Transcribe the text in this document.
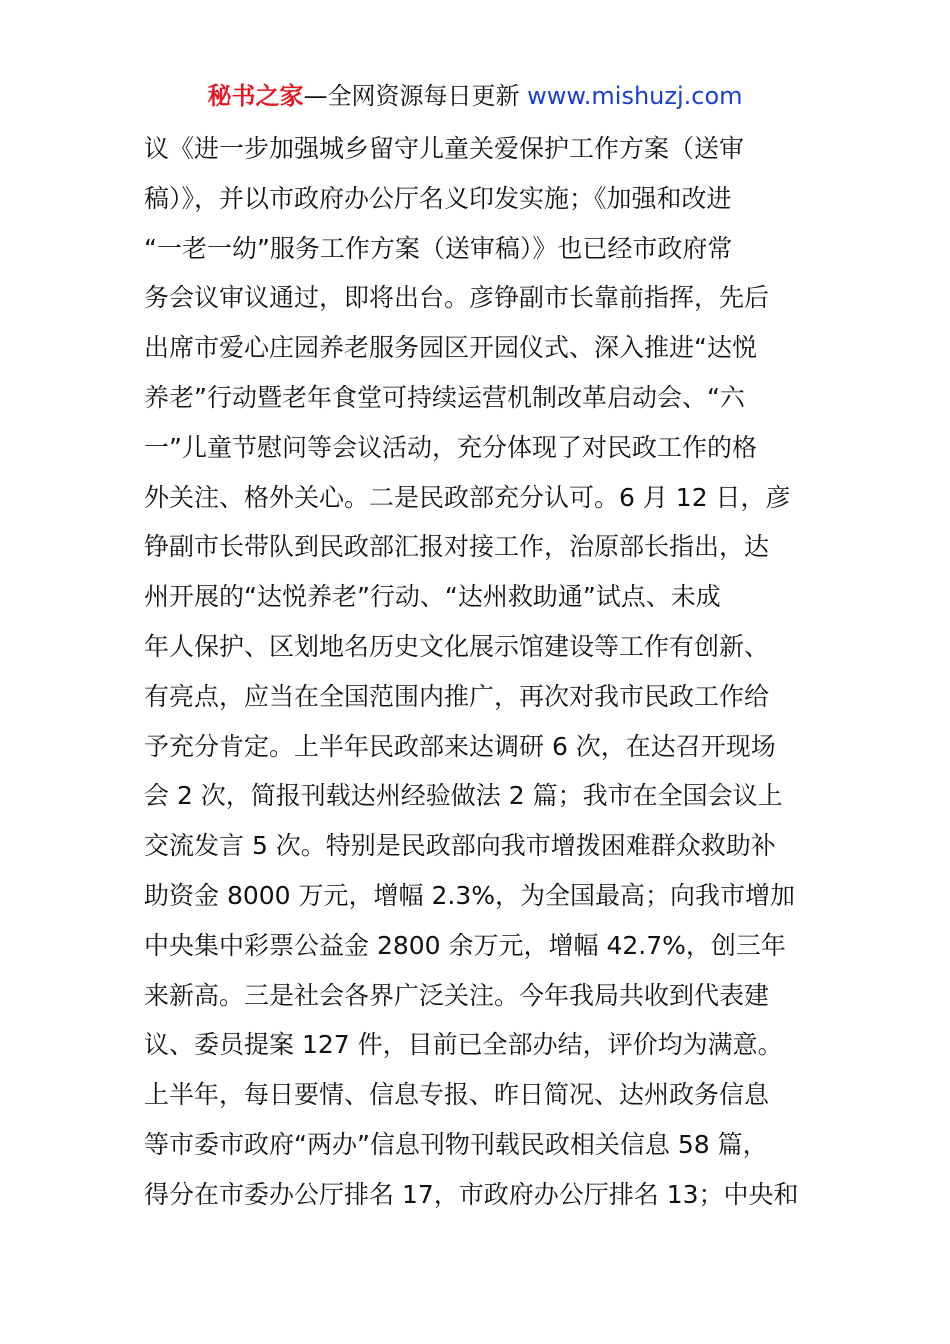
秘书之家—全网资源每日更新 www.mishuzj.com
议《进一步加强城乡留守儿童关爱保护工作方案（送审
稿）》，并以市政府办公厅名义印发实施；《加强和改进
“一老一幼”服务工作方案（送审稿）》也已经市政府常
务会议审议通过，即将出台。彦铮副市长靠前指挥，先后
出席市爱心庄园养老服务园区开园仪式、深入推进“达悦
养老”行动暨老年食堂可持续运营机制改革启动会、“六
一”儿童节慰问等会议活动，充分体现了对民政工作的格
外关注、格外关心。二是民政部充分认可。6 月 12 日，彦
铮副市长带队到民政部汇报对接工作，治原部长指出，达
州开展的“达悦养老”行动、“达州救助通”试点、未成
年人保护、区划地名历史文化展示馆建设等工作有创新、
有亮点，应当在全国范围内推广，再次对我市民政工作给
予充分肯定。上半年民政部来达调研 6 次，在达召开现场
会 2 次，简报刊载达州经验做法 2 篇；我市在全国会议上
交流发言 5 次。特别是民政部向我市增拨困难群众救助补
助资金 8000 万元，增幅 2.3%，为全国最高；向我市增加
中央集中彩票公益金 2800 余万元，增幅 42.7%，创三年
来新高。三是社会各界广泛关注。今年我局共收到代表建
议、委员提案 127 件，目前已全部办结，评价均为满意。
上半年，每日要情、信息专报、昨日简况、达州政务信息
等市委市政府“两办”信息刊物刊载民政相关信息 58 篇，
得分在市委办公厅排名 17，市政府办公厅排名 13；中央和
